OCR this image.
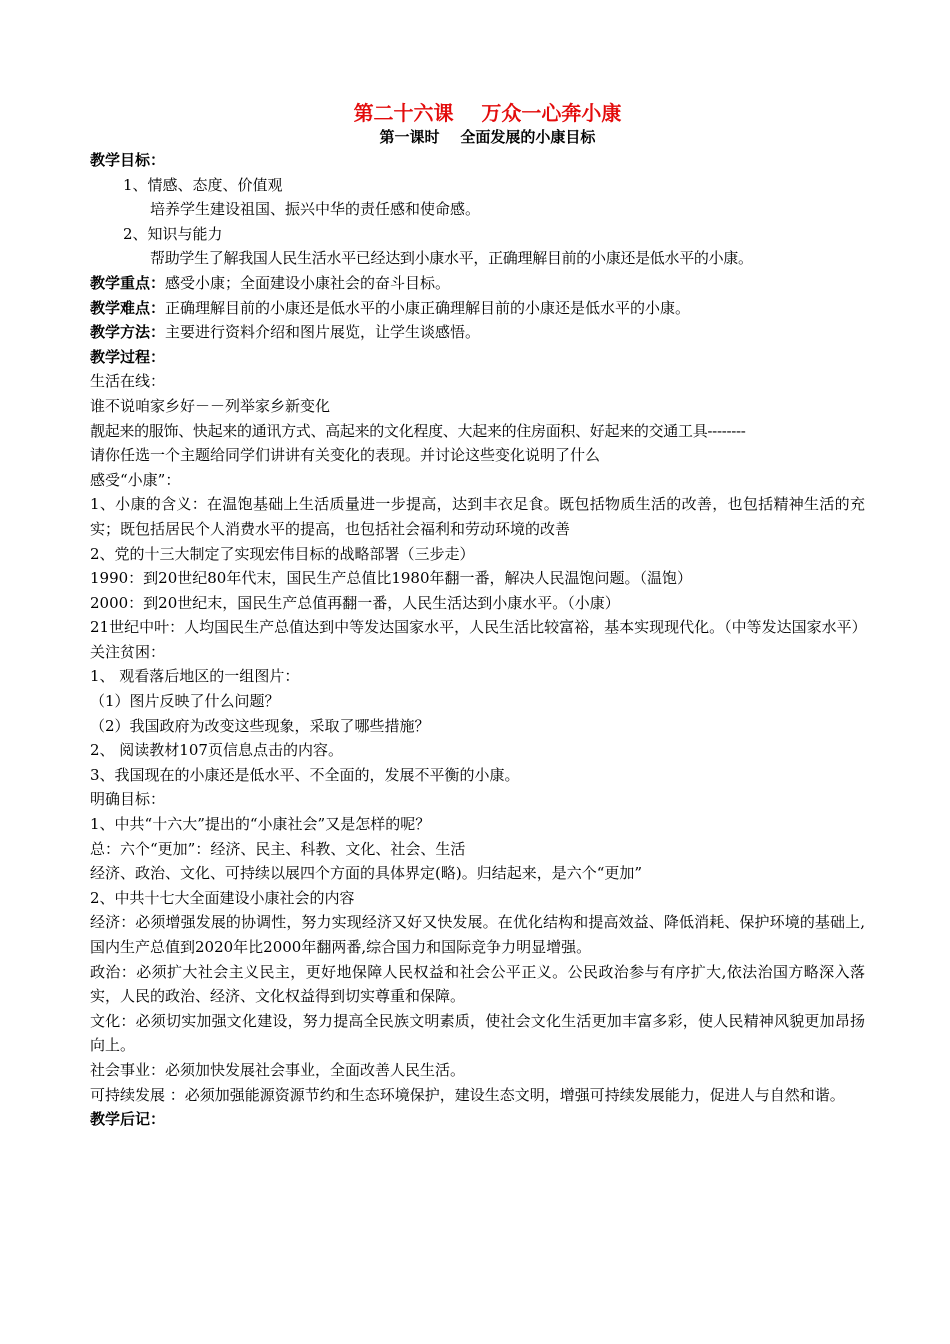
第二十六课    万众一心奔小康
第一课时    全面发展的小康目标
教学目标：
1、情感、态度、价值观
培养学生建设祖国、振兴中华的责任感和使命感。
2、知识与能力
帮助学生了解我国人民生活水平已经达到小康水平，正确理解目前的小康还是低水平的小康。
教学重点：感受小康；全面建设小康社会的奋斗目标。
教学难点：正确理解目前的小康还是低水平的小康正确理解目前的小康还是低水平的小康。
教学方法：主要进行资料介绍和图片展览，让学生谈感悟。
教学过程：
生活在线：
谁不说咱家乡好－－列举家乡新变化
靓起来的服饰、快起来的通讯方式、高起来的文化程度、大起来的住房面积、好起来的交通工具--------
请你任选一个主题给同学们讲讲有关变化的表现。并讨论这些变化说明了什么
感受“小康”：
1、小康的含义：在温饱基础上生活质量进一步提高，达到丰衣足食。既包括物质生活的改善，也包括精神生活的充实；既包括居民个人消费水平的提高，也包括社会福利和劳动环境的改善
2、党的十三大制定了实现宏伟目标的战略部署（三步走）
1990：到20世纪80年代末，国民生产总值比1980年翻一番，解决人民温饱问题。（温饱）
2000：到20世纪末，国民生产总值再翻一番，人民生活达到小康水平。（小康）
21世纪中叶：人均国民生产总值达到中等发达国家水平，人民生活比较富裕，基本实现现代化。（中等发达国家水平）
关注贫困：
1、 观看落后地区的一组图片：
（1）图片反映了什么问题？
（2）我国政府为改变这些现象，采取了哪些措施？
2、 阅读教材107页信息点击的内容。
3、我国现在的小康还是低水平、不全面的，发展不平衡的小康。
明确目标：
1、中共“十六大”提出的“小康社会”又是怎样的呢？
总：六个“更加”：经济、民主、科教、文化、社会、生活
经济、政治、文化、可持续以展四个方面的具体界定(略)。归结起来，是六个“更加”
2、中共十七大全面建设小康社会的内容
经济：必须增强发展的协调性，努力实现经济又好又快发展。在优化结构和提高效益、降低消耗、保护环境的基础上,国内生产总值到2020年比2000年翻两番,综合国力和国际竞争力明显增强。
政治：必须扩大社会主义民主，更好地保障人民权益和社会公平正义。公民政治参与有序扩大,依法治国方略深入落实，人民的政治、经济、文化权益得到切实尊重和保障。
文化：必须切实加强文化建设，努力提高全民族文明素质，使社会文化生活更加丰富多彩，使人民精神风貌更加昂扬向上。
社会事业：必须加快发展社会事业，全面改善人民生活。
可持续发展 ：必须加强能源资源节约和生态环境保护，建设生态文明，增强可持续发展能力，促进人与自然和谐。
教学后记：
